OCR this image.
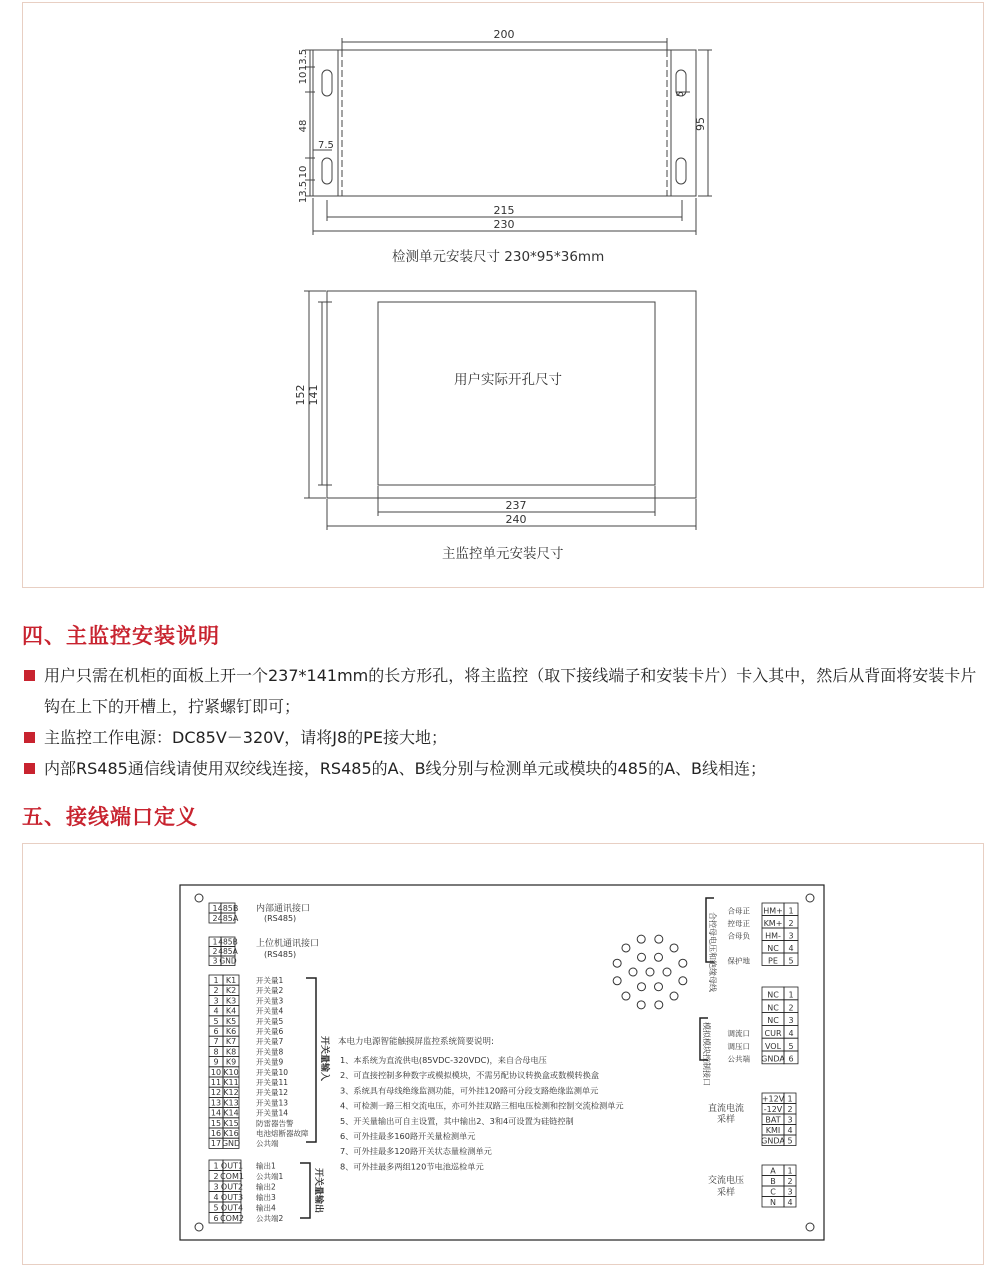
200
215
230
95
10
13.5
48
7.5
13.5
10
5
用户实际开孔尺寸
152 141
237
240
检测单元安装尺寸 230*95*36mm
主监控单元安装尺寸
四、主监控安装说明
用户只需在机柜的面板上开一个237*141mm的长方形孔，将主监控（取下接线端子和安装卡片）卡入其中，然后从背面将安装卡片钩在上下的开槽上，拧紧螺钉即可；
主监控工作电源：DC85V－320V，请将J8的PE接大地；
内部RS485通信线请使用双绞线连接，RS485的A、B线分别与检测单元或模块的485的A、B线相连；
五、接线端口定义
1 485B
2 485A
内部通讯接口
(RS485)
1 485B
2 485A
3 GND
上位机通讯接口
(RS485)
1 K1	开关量1
2 K2	开关量2
3 K3	开关量3
4 K4	开关量4
5 K5	开关量5
6 K6	开关量6
7 K7	开关量7
8 K8	开关量8
9 K9	开关量9
10 K10 开关量10
11 K11 开关量11
12 K12 开关量12
13 K13 开关量13
14 K14 开关量14
15 K15 防雷器告警
16 K16 电池熔断器故障
17 GND 公共端
开关量输入
1 OUT1 输出1
2 COM1 公共端1
3 OUT2 输出2
4 OUT3 输出3
5 OUT4 输出4
6 COM2 公共端2
开关量输出
本电力电源智能触摸屏监控系统简要说明:
1、本系统为直流供电(85VDC-320VDC)，来自合母电压
2、可直接控制多种数字或模拟模块，不需另配协议转换盒或数模转换盒
3、系统具有母线绝缘监测功能，可外挂120路可分段支路绝缘监测单元
4、可检测一路三相交流电压，亦可外挂双路三相电压检测和控制交流检测单元
5、开关量输出可自主设置，其中输出2、3和4可设置为硅链控制
6、可外挂最多160路开关量检测单元
7、可外挂最多120路开关状态量检测单元
8、可外挂最多两组120节电池巡检单元
HM+ 1
合母正
KM+ 2
控母正
HM- 3
合母负
NC 4
PE 5
保护地
合控母电压和绝缘母线
NC 1
NC 2
NC 3
CUR 4
调流口
VOL 5
调压口
GNDA 6
公共端
模拟模块控制接口
+12V 1
-12V 2
BAT 3
KMI 4
GNDA 5
直流电流
采样
A 1
B 2
C 3
N 4
交流电压
采样
